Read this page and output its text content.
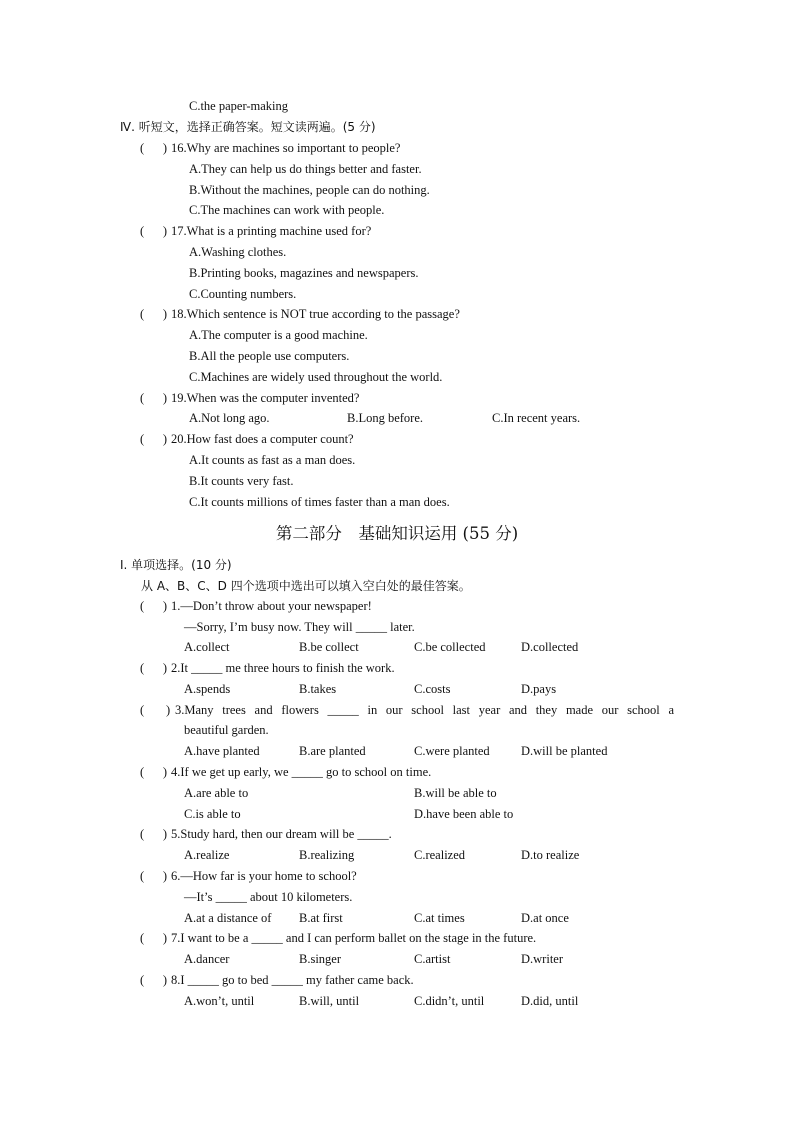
C.the paper-making
Ⅳ. 听短文，选择正确答案。短文读两遍。(5 分)
(      ) 16.Why are machines so important to people?
A.They can help us do things better and faster.
B.Without the machines, people can do nothing.
C.The machines can work with people.
(      ) 17.What is a printing machine used for?
A.Washing clothes.
B.Printing books, magazines and newspapers.
C.Counting numbers.
(      ) 18.Which sentence is NOT true according to the passage?
A.The computer is a good machine.
B.All the people use computers.
C.Machines are widely used throughout the world.
(      ) 19.When was the computer invented?
A.Not long ago.	B.Long before.	C.In recent years.
(      ) 20.How fast does a computer count?
A.It counts as fast as a man does.
B.It counts very fast.
C.It counts millions of times faster than a man does.
第二部分　基础知识运用 (55 分)
Ⅰ. 单项选择。(10 分)
从 A、B、C、D 四个选项中选出可以填入空白处的最佳答案。
(      ) 1.—Don’t throw about your newspaper!
—Sorry, I’m busy now. They will _____ later.
A.collect	B.be collect	C.be collected	D.collected
(      ) 2.It _____ me three hours to finish the work.
A.spends	B.takes	C.costs	D.pays
(       ) 3.Many trees and flowers _____ in our school last year and they made our school a
beautiful garden.
A.have planted	B.are planted	C.were planted	D.will be planted
(      ) 4.If we get up early, we _____ go to school on time.
A.are able to	B.will be able to
C.is able to	D.have been able to
(      ) 5.Study hard, then our dream will be _____.
A.realize	B.realizing	C.realized	D.to realize
(      ) 6.—How far is your home to school?
—It’s _____ about 10 kilometers.
A.at a distance of B.at first	C.at times	D.at once
(      ) 7.I want to be a _____ and I can perform ballet on the stage in the future.
A.dancer	B.singer	C.artist	D.writer
(      ) 8.I _____ go to bed _____ my father came back.
A.won’t, until	B.will, until	C.didn’t, until	D.did, until
